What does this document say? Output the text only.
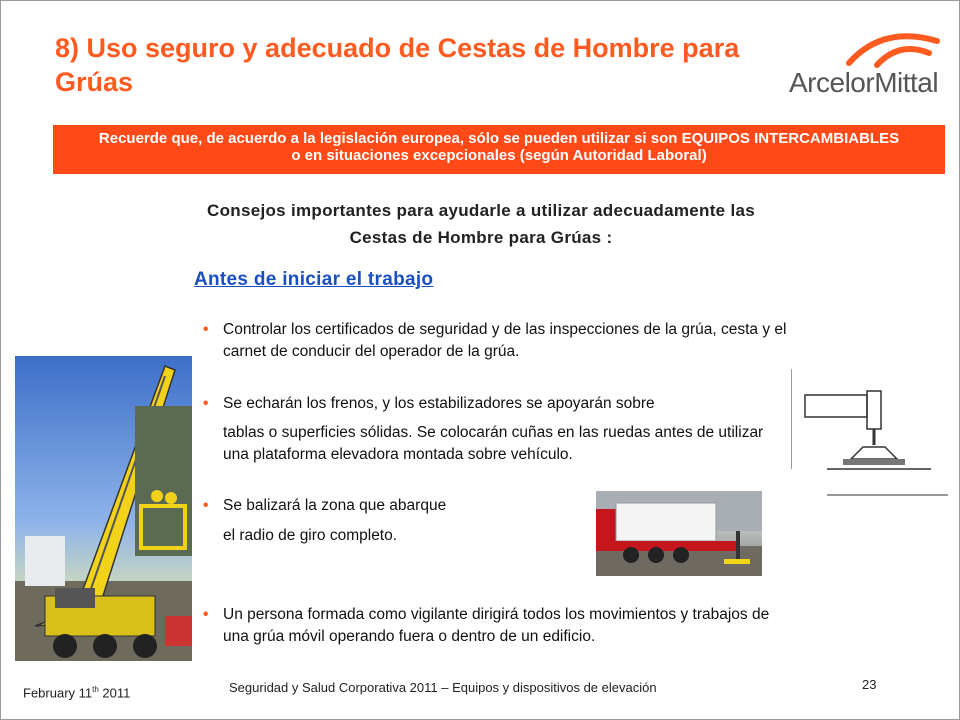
8) Uso seguro y adecuado de Cestas de Hombre para Grúas	ArcelorMittal
Recuerde que, de acuerdo a la legislación europea, sólo se pueden utilizar si son EQUIPOS INTERCAMBIABLES o en situaciones excepcionales (según Autoridad Laboral)
Consejos importantes para ayudarle a utilizar adecuadamente las
Cestas de Hombre para Grúas :
Antes de iniciar el trabajo
• Controlar los certificados de seguridad y de las inspecciones de la grúa, cesta y el carnet de conducir del operador de la grúa.

• Se echarán los frenos, y los estabilizadores se apoyarán sobre

tablas o superficies sólidas. Se colocarán cuñas en las ruedas antes de utilizar una plataforma elevadora montada sobre vehículo.

• Se balizará la zona que abarque

el radio de giro completo.

• Un persona formada como vigilante dirigirá todos los movimientos y trabajos de una grúa móvil operando fuera o dentro de un edificio.

February 11th 2011	Seguridad y Salud Corporativa 2011 – Equipos y dispositivos de elevación	23
